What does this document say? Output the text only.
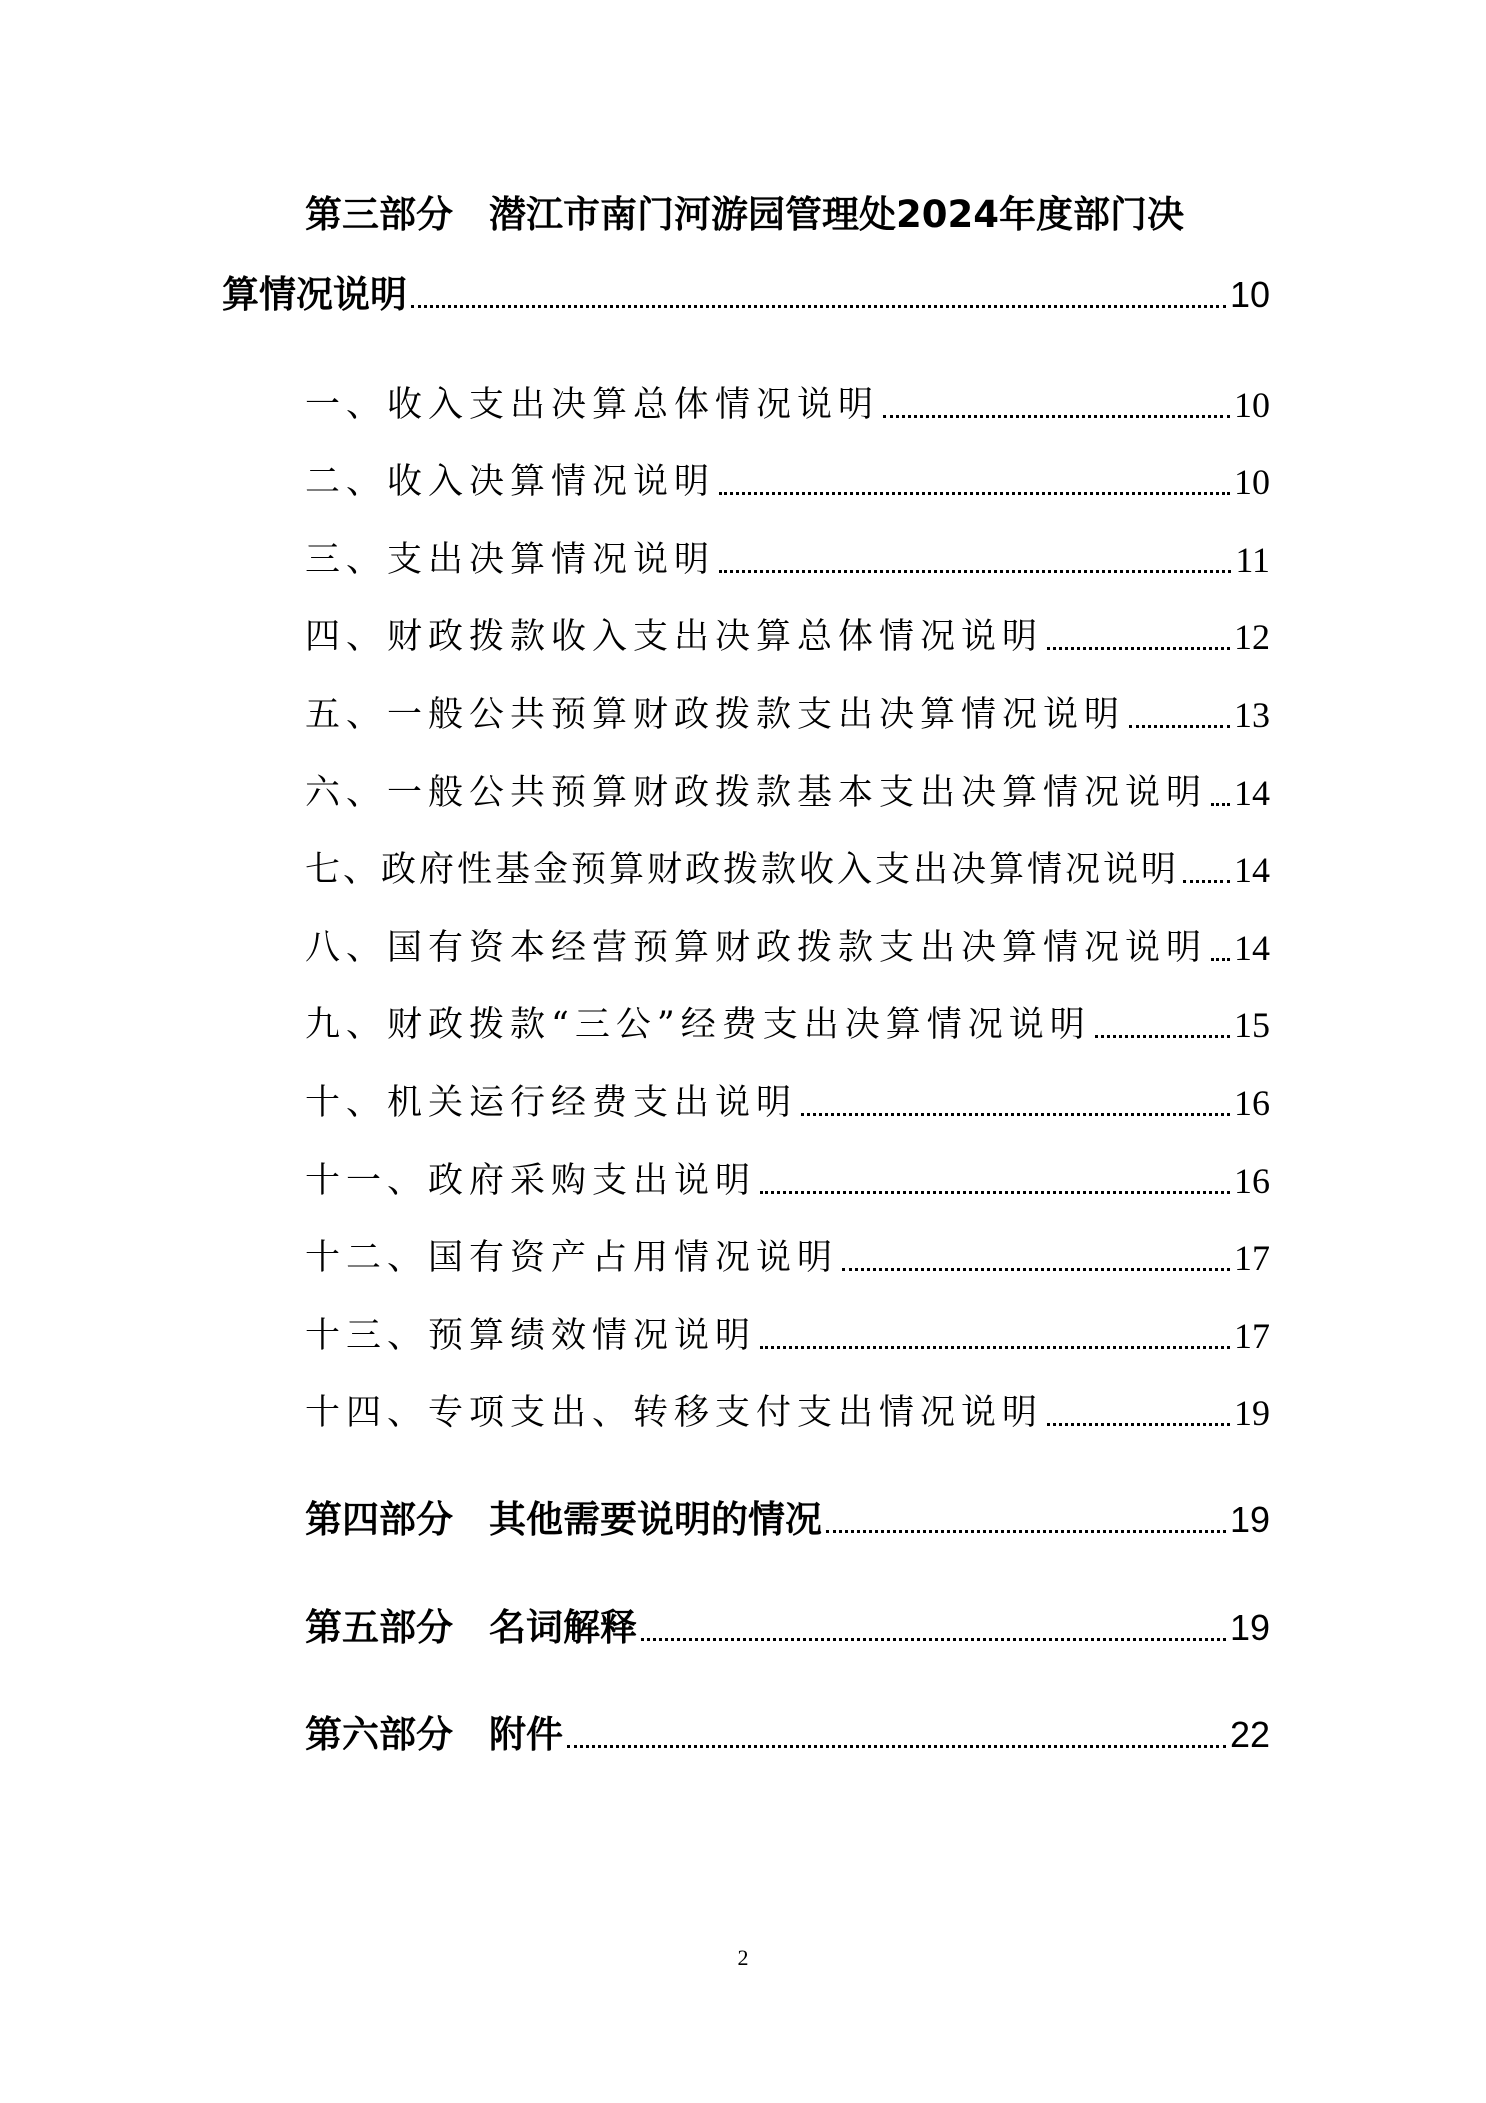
第三部分 潜江市南门河游园管理处2024年度部门决
算情况说明	10
一、收入支出决算总体情况说明	10
二、收入决算情况说明	10
三、支出决算情况说明	11
四、财政拨款收入支出决算总体情况说明	12
五、一般公共预算财政拨款支出决算情况说明	13
六、一般公共预算财政拨款基本支出决算情况说明 14
七、政府性基金预算财政拨款收入支出决算情况说明 14
八、国有资本经营预算财政拨款支出决算情况说明 14
九、财政拨款“三公”经费支出决算情况说明	15
十、机关运行经费支出说明	16
十一、政府采购支出说明	16
十二、国有资产占用情况说明	17
十三、预算绩效情况说明	17
十四、专项支出、转移支付支出情况说明	19
第四部分 其他需要说明的情况	19
第五部分 名词解释	19
第六部分 附件	22
2
